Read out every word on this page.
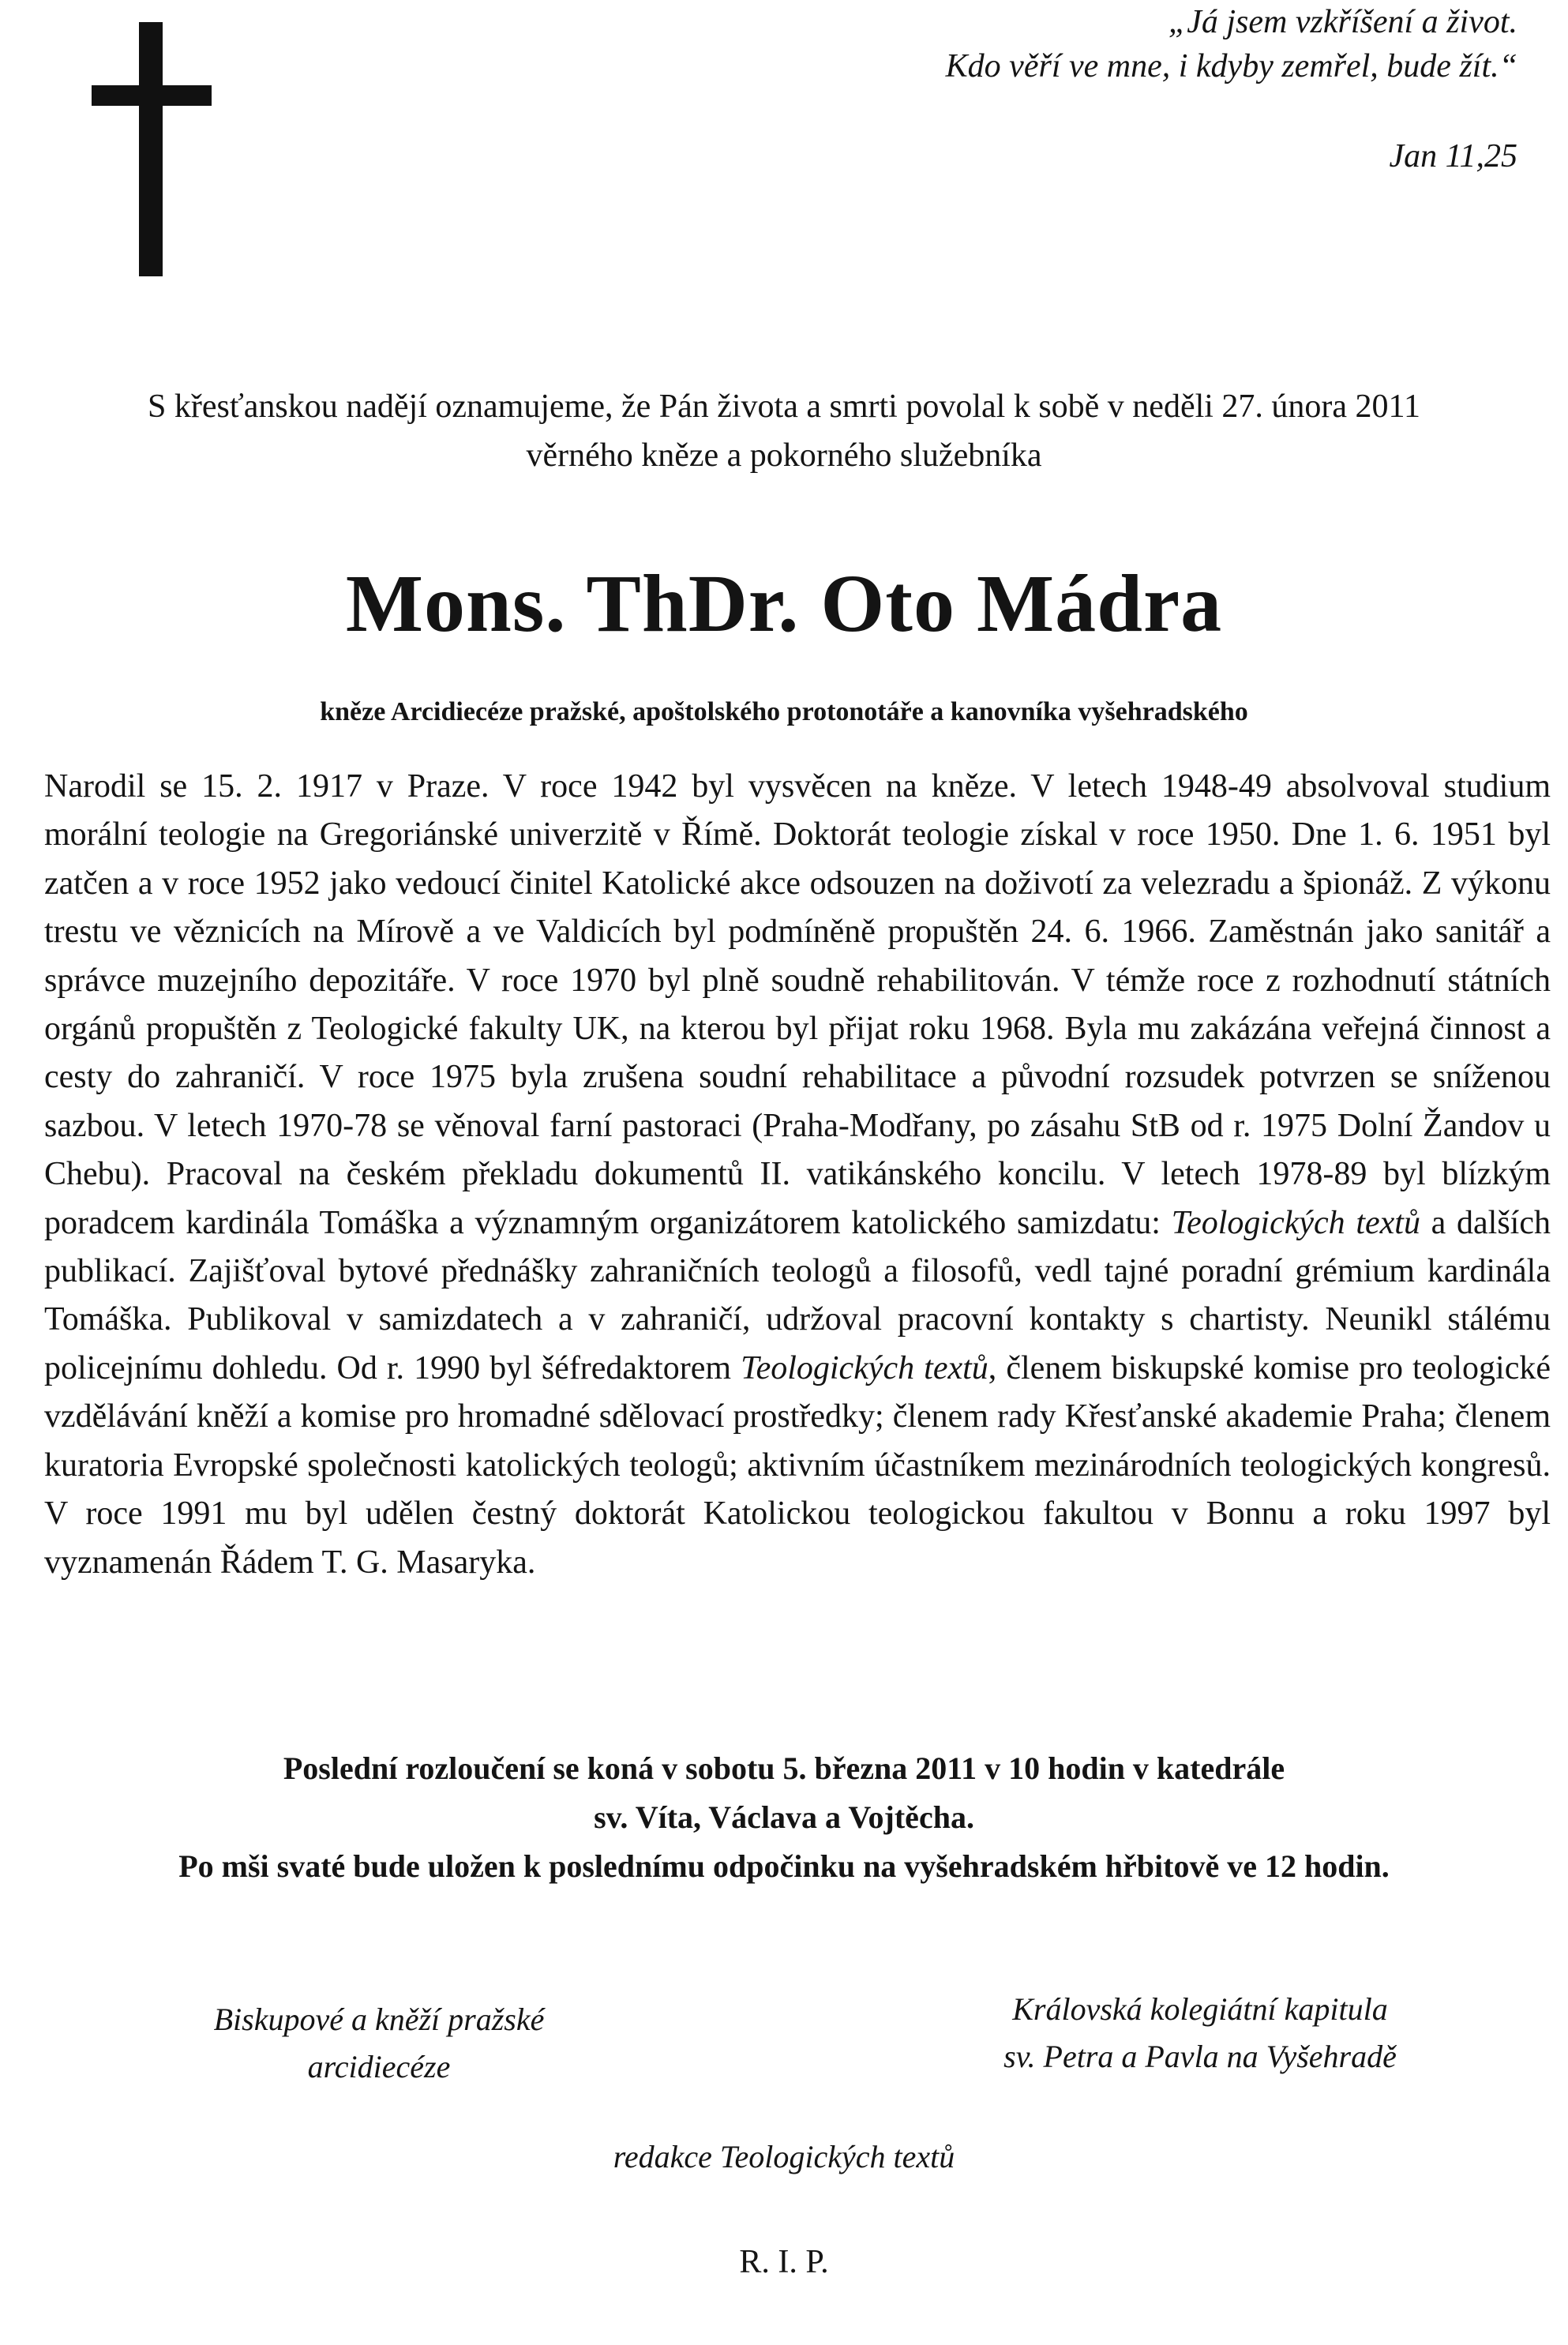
„Já jsem vzkříšení a život.
Kdo věří ve mne, i kdyby zemřel, bude žít.“
Jan 11,25
S křesťanskou nadějí oznamujeme, že Pán života a smrti povolal k sobě v neděli 27. února 2011
věrného kněze a pokorného služebníka
Mons. ThDr. Oto Mádra
kněze Arcidiecéze pražské, apoštolského protonotáře a kanovníka vyšehradského

Narodil se 15. 2. 1917 v Praze. V roce 1942 byl vysvěcen na kněze. V letech 1948-49 absolvoval studium morální teologie na Gregoriánské univerzitě v Římě. Doktorát teologie získal v roce 1950. Dne 1. 6. 1951 byl zatčen a v roce 1952 jako vedoucí činitel Katolické akce odsouzen na doživotí za velezradu a špionáž. Z výkonu trestu ve věznicích na Mírově a ve Valdicích byl podmíněně propuštěn 24. 6. 1966. Zaměstnán jako sanitář a správce muzejního depozitáře. V roce 1970 byl plně soudně rehabilitován. V témže roce z rozhodnutí státních orgánů propuštěn z Teologické fakulty UK, na kterou byl přijat roku 1968. Byla mu zakázána veřejná činnost a cesty do zahraničí. V roce 1975 byla zrušena soudní rehabilitace a původní rozsudek potvrzen se sníženou sazbou. V letech 1970-78 se věnoval farní pastoraci (Praha-Modřany, po zásahu StB od r. 1975 Dolní Žandov u Chebu). Pracoval na českém překladu dokumentů II. vatikánského koncilu. V letech 1978-89 byl blízkým poradcem kardinála Tomáška a významným organizátorem katolického samizdatu: Teologických textů a dalších publikací. Zajišťoval bytové přednášky zahraničních teologů a filosofů, vedl tajné poradní grémium kardinála Tomáška. Publikoval v samizdatech a v zahraničí, udržoval pracovní kontakty s chartisty. Neunikl stálému policejnímu dohledu. Od r. 1990 byl šéfredaktorem Teologických textů, členem biskupské komise pro teologické vzdělávání kněží a komise pro hromadné sdělovací prostředky; členem rady Křesťanské akademie Praha; členem kuratoria Evropské společnosti katolických teologů; aktivním účastníkem mezinárodních teologických kongresů. V roce 1991 mu byl udělen čestný doktorát Katolickou teologickou fakultou v Bonnu a roku 1997 byl vyznamenán Řádem T. G. Masaryka.

Poslední rozloučení se koná v sobotu 5. března 2011 v 10 hodin v katedrále
sv. Víta, Václava a Vojtěcha.
Po mši svaté bude uložen k poslednímu odpočinku na vyšehradském hřbitově ve 12 hodin.
Biskupové a kněží pražské
arcidiecéze
Královská kolegiátní kapitula
sv. Petra a Pavla na Vyšehradě
redakce Teologických textů
R. I. P.
